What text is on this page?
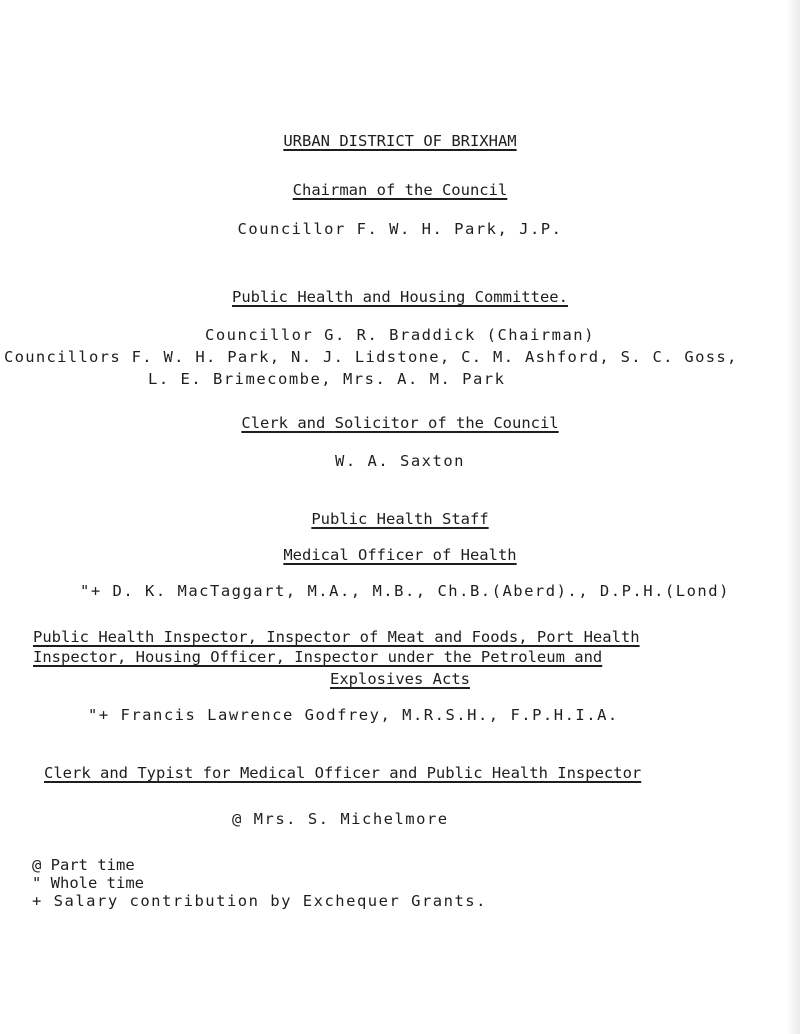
URBAN DISTRICT OF BRIXHAM
Chairman of the Council
Councillor F. W. H. Park, J.P.
Public Health and Housing Committee.
Councillor G. R. Braddick (Chairman)
Councillors F. W. H. Park, N. J. Lidstone, C. M. Ashford, S. C. Goss,
L. E. Brimecombe, Mrs. A. M. Park
Clerk and Solicitor of the Council
W. A. Saxton
Public Health Staff
Medical Officer of Health
"+ D. K. MacTaggart, M.A., M.B., Ch.B.(Aberd)., D.P.H.(Lond)
Public Health Inspector, Inspector of Meat and Foods, Port Health
Inspector, Housing Officer, Inspector under the Petroleum and
Explosives Acts
"+ Francis Lawrence Godfrey, M.R.S.H., F.P.H.I.A.
Clerk and Typist for Medical Officer and Public Health Inspector
@ Mrs. S. Michelmore
@ Part time
" Whole time
+ Salary contribution by Exchequer Grants.
